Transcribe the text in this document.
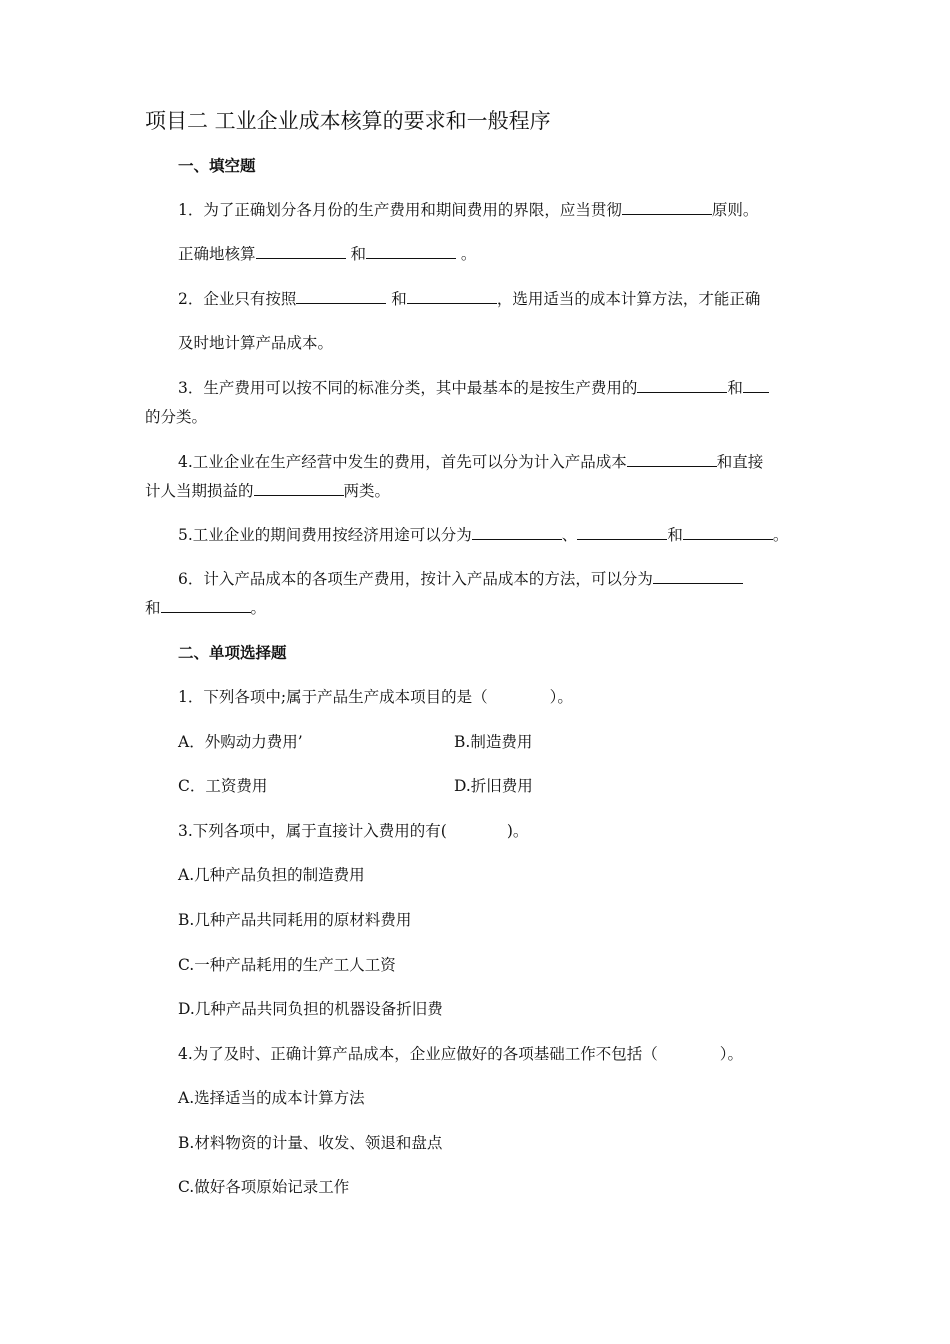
项目二 工业企业成本核算的要求和一般程序
一、填空题
1．为了正确划分各月份的生产费用和期间费用的界限，应当贯彻	原则。
正确地核算	和	。
2．企业只有按照	和	，选用适当的成本计算方法，才能正确
及时地计算产品成本。
3．生产费用可以按不同的标准分类，其中最基本的是按生产费用的	和
的分类。
4.工业企业在生产经营中发生的费用，首先可以分为计入产品成本	和直接
计人当期损益的	两类。
5.工业企业的期间费用按经济用途可以分为	、	和	。
6．计入产品成本的各项生产费用，按计入产品成本的方法，可以分为
和	。
二、单项选择题
1．下列各项中;属于产品生产成本项目的是（	）。
A．外购动力费用’	B.制造费用
C．工资费用	D.折旧费用
3.下列各项中，属于直接计入费用的有(	)。
A.几种产品负担的制造费用
B.几种产品共同耗用的原材料费用
C.一种产品耗用的生产工人工资
D.几种产品共同负担的机器设备折旧费
4.为了及时、正确计算产品成本，企业应做好的各项基础工作不包括（	）。
A.选择适当的成本计算方法
B.材料物资的计量、收发、领退和盘点
C.做好各项原始记录工作
